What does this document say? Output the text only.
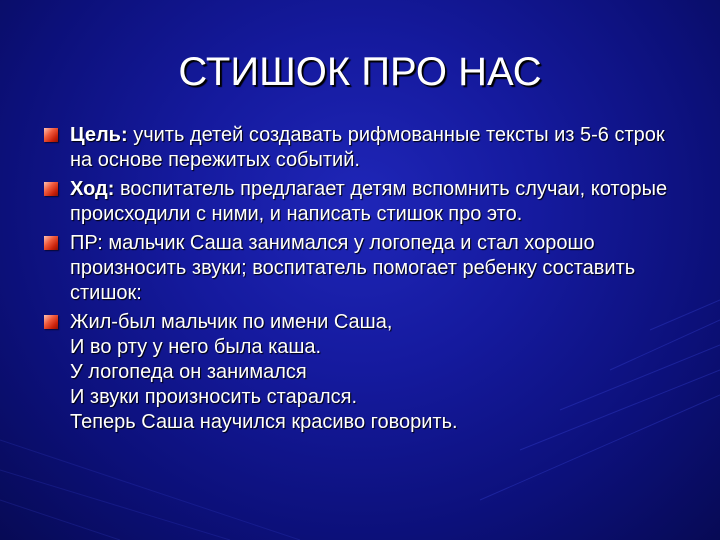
СТИШОК ПРО НАС
Цель: учить детей создавать рифмованные тексты из 5-6 строк на основе пережитых событий.
Ход: воспитатель предлагает детям вспомнить случаи, которые происходили с ними, и написать стишок про это.
ПР: мальчик Саша занимался у логопеда и стал хорошо произносить звуки; воспитатель помогает ребенку составить стишок:
Жил-был мальчик по имени Саша,
И во рту у него была каша.
У логопеда он занимался
И звуки произносить старался.
Теперь Саша научился красиво говорить.
